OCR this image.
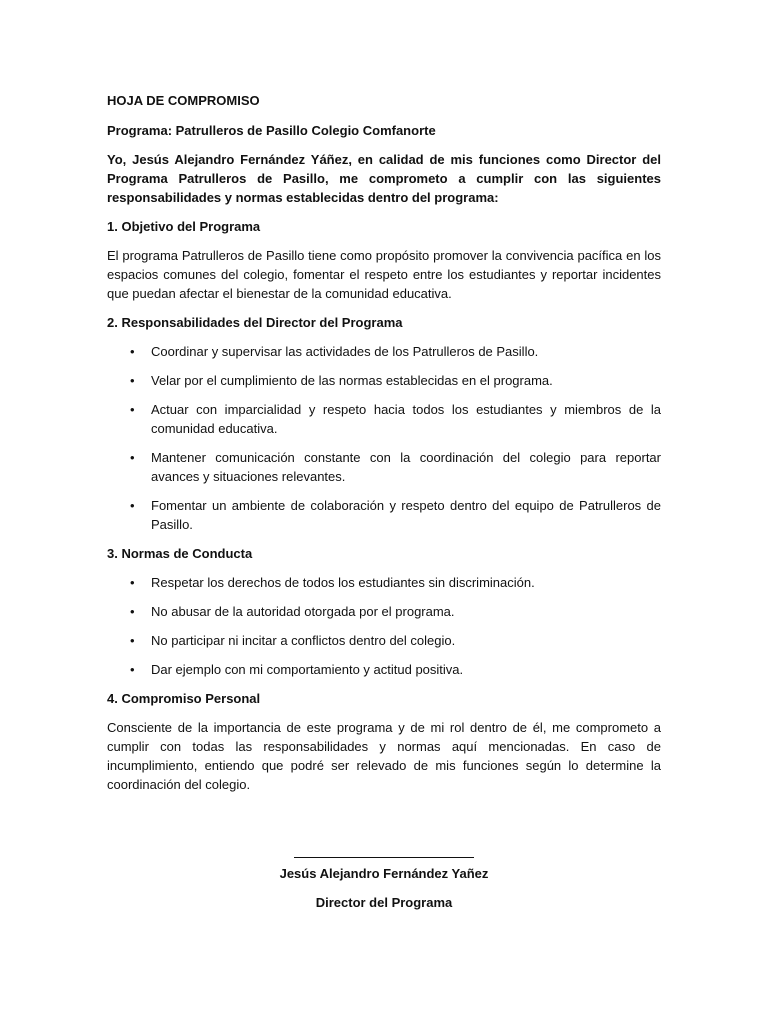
HOJA DE COMPROMISO

Programa: Patrulleros de Pasillo Colegio Comfanorte

Yo, Jesús Alejandro Fernández Yáñez, en calidad de mis funciones como Director del Programa Patrulleros de Pasillo, me comprometo a cumplir con las siguientes responsabilidades y normas establecidas dentro del programa:

1. Objetivo del Programa

El programa Patrulleros de Pasillo tiene como propósito promover la convivencia pacífica en los espacios comunes del colegio, fomentar el respeto entre los estudiantes y reportar incidentes que puedan afectar el bienestar de la comunidad educativa.

2. Responsabilidades del Director del Programa

• Coordinar y supervisar las actividades de los Patrulleros de Pasillo.
• Velar por el cumplimiento de las normas establecidas en el programa.
• Actuar con imparcialidad y respeto hacia todos los estudiantes y miembros de la comunidad educativa.
• Mantener comunicación constante con la coordinación del colegio para reportar avances y situaciones relevantes.
• Fomentar un ambiente de colaboración y respeto dentro del equipo de Patrulleros de Pasillo.

3. Normas de Conducta

• Respetar los derechos de todos los estudiantes sin discriminación.
• No abusar de la autoridad otorgada por el programa.
• No participar ni incitar a conflictos dentro del colegio.
• Dar ejemplo con mi comportamiento y actitud positiva.

4. Compromiso Personal

Consciente de la importancia de este programa y de mi rol dentro de él, me comprometo a cumplir con todas las responsabilidades y normas aquí mencionadas. En caso de incumplimiento, entiendo que podré ser relevado de mis funciones según lo determine la coordinación del colegio.

Jesús Alejandro Fernández Yañez

Director del Programa
